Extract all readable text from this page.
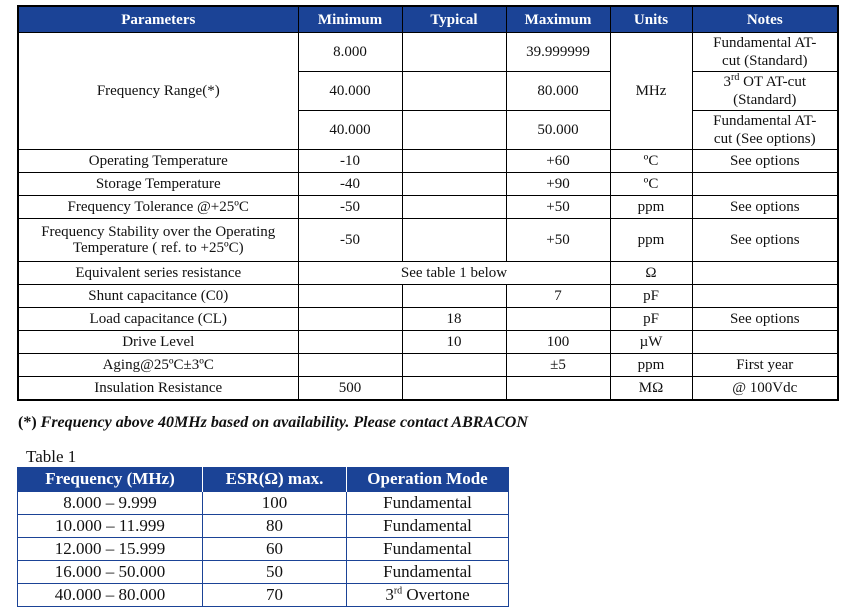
Parameters	Minimum	Typical	Maximum	Units	Notes
Frequency Range(*)	8.000		39.999999	MHz	Fundamental AT-
cut (Standard)
	40.000		80.000		3rd OT AT-cut
(Standard)
	40.000		50.000		Fundamental AT-
cut (See options)
Operating Temperature	-10		+60	ºC	See options
Storage Temperature	-40		+90	ºC	
Frequency Tolerance @+25ºC	-50		+50	ppm	See options
Frequency Stability over the Operating
Temperature ( ref. to +25ºC)	-50		+50	ppm	See options
Equivalent series resistance	See table 1 below			Ω	
Shunt capacitance (C0)			7	pF	
Load capacitance (CL)		18		pF	See options
Drive Level		10	100	µW	
Aging@25ºC±3ºC			±5	ppm	First year
Insulation Resistance	500			MΩ	@ 100Vdc
(*) Frequency above 40MHz based on availability. Please contact ABRACON
Table 1
Frequency (MHz)	ESR(Ω) max.	Operation Mode
8.000 – 9.999	100	Fundamental
10.000 – 11.999	80	Fundamental
12.000 – 15.999	60	Fundamental
16.000 – 50.000	50	Fundamental
40.000 – 80.000	70	3rd Overtone
